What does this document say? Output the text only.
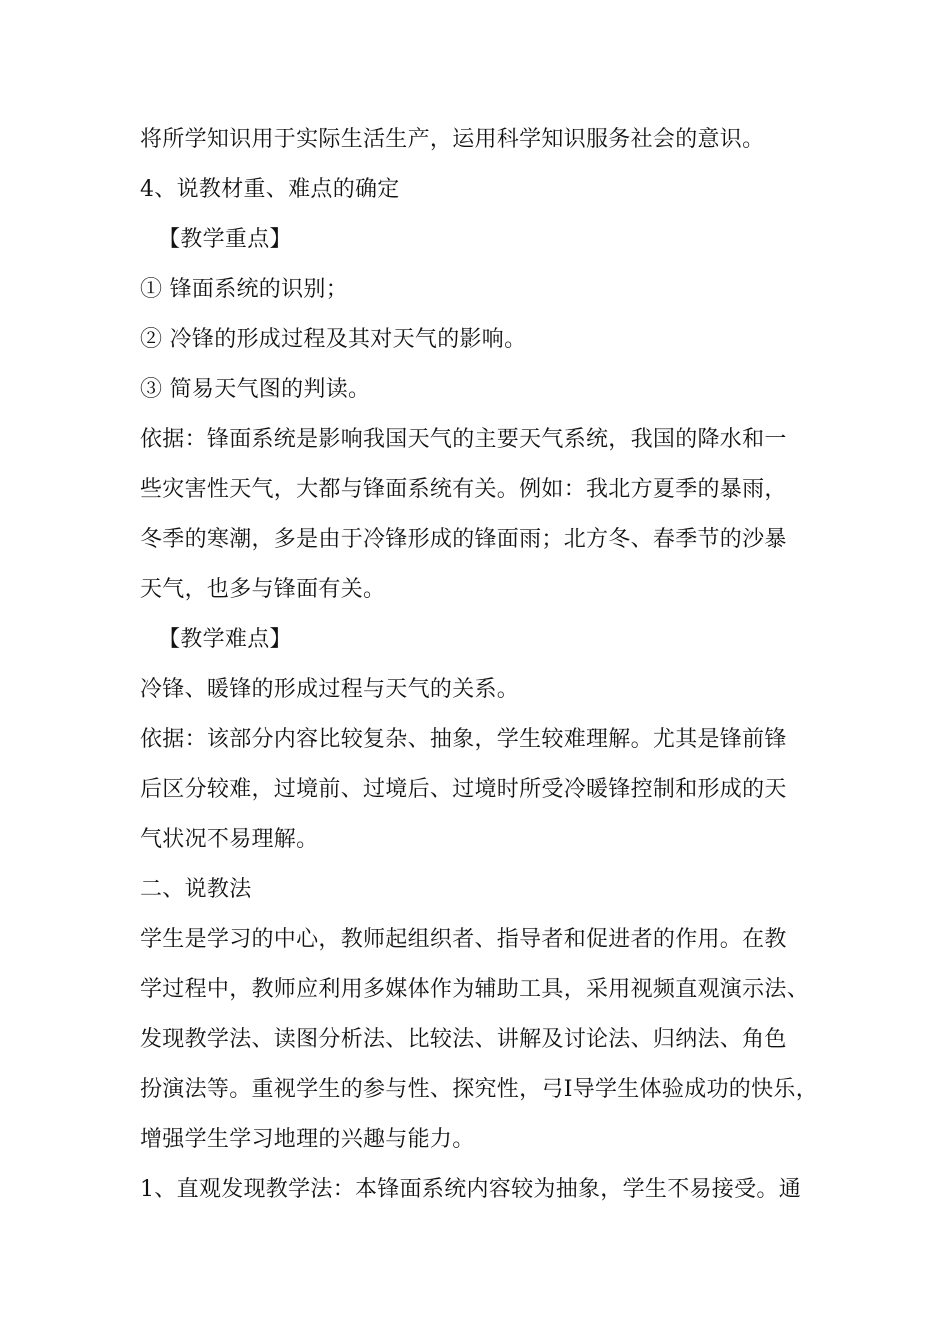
将所学知识用于实际生活生产，运用科学知识服务社会的意识。
4、说教材重、难点的确定
【教学重点】
① 锋面系统的识别；
② 冷锋的形成过程及其对天气的影响。
③ 简易天气图的判读。
依据：锋面系统是影响我国天气的主要天气系统，我国的降水和一
些灾害性天气，大都与锋面系统有关。例如：我北方夏季的暴雨，
冬季的寒潮，多是由于冷锋形成的锋面雨；北方冬、春季节的沙暴
天气，也多与锋面有关。
【教学难点】
冷锋、暖锋的形成过程与天气的关系。
依据：该部分内容比较复杂、抽象，学生较难理解。尤其是锋前锋
后区分较难，过境前、过境后、过境时所受冷暖锋控制和形成的天
气状况不易理解。
二、说教法
学生是学习的中心，教师起组织者、指导者和促进者的作用。在教
学过程中，教师应利用多媒体作为辅助工具，采用视频直观演示法、
发现教学法、读图分析法、比较法、讲解及讨论法、归纳法、角色
扮演法等。重视学生的参与性、探究性，弓I导学生体验成功的快乐，
增强学生学习地理的兴趣与能力。
1、直观发现教学法：本锋面系统内容较为抽象，学生不易接受。通
